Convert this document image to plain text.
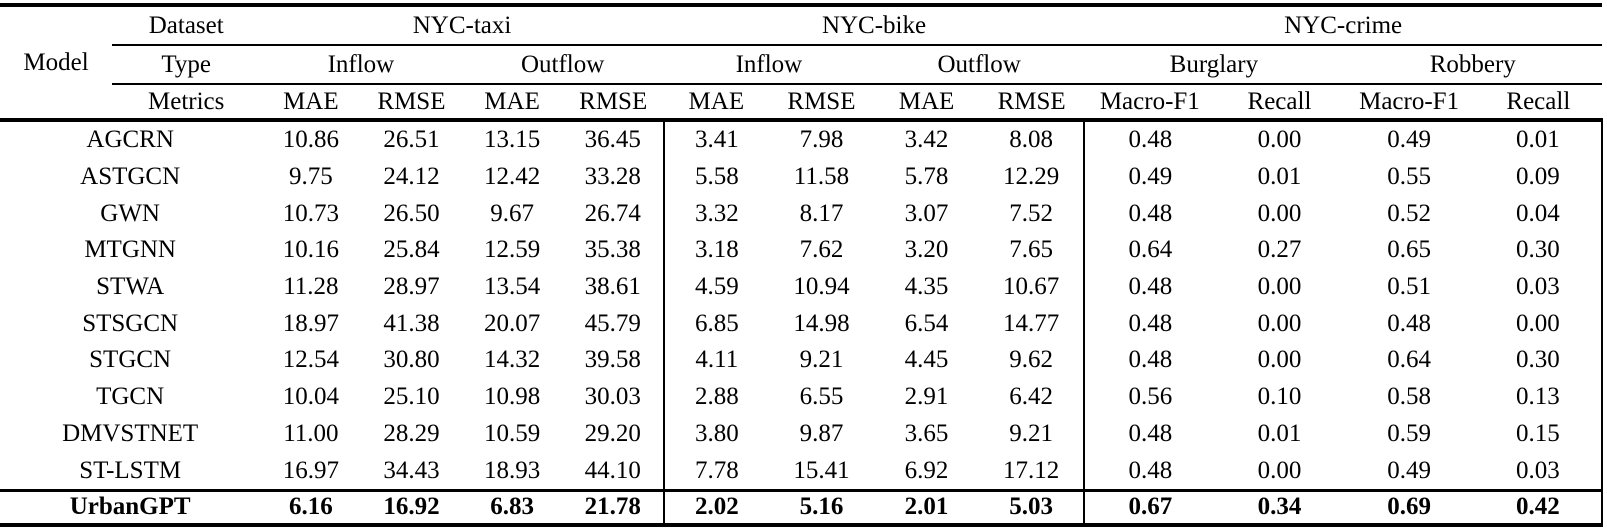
Model	Dataset	NYC-taxi				NYC-bike				NYC-crime			
	Type	Inflow		Outflow		Inflow		Outflow		Burglary		Robbery	
	Metrics	MAE	RMSE	MAE	RMSE	MAE	RMSE	MAE	RMSE	Macro-F1	Recall	Macro-F1	Recall
AGCRN		10.86	26.51	13.15	36.45	3.41	7.98	3.42	8.08	0.48	0.00	0.49	0.01
ASTGCN		9.75	24.12	12.42	33.28	5.58	11.58	5.78	12.29	0.49	0.01	0.55	0.09
GWN		10.73	26.50	9.67	26.74	3.32	8.17	3.07	7.52	0.48	0.00	0.52	0.04
MTGNN		10.16	25.84	12.59	35.38	3.18	7.62	3.20	7.65	0.64	0.27	0.65	0.30
STWA		11.28	28.97	13.54	38.61	4.59	10.94	4.35	10.67	0.48	0.00	0.51	0.03
STSGCN		18.97	41.38	20.07	45.79	6.85	14.98	6.54	14.77	0.48	0.00	0.48	0.00
STGCN		12.54	30.80	14.32	39.58	4.11	9.21	4.45	9.62	0.48	0.00	0.64	0.30
TGCN		10.04	25.10	10.98	30.03	2.88	6.55	2.91	6.42	0.56	0.10	0.58	0.13
DMVSTNET		11.00	28.29	10.59	29.20	3.80	9.87	3.65	9.21	0.48	0.01	0.59	0.15
ST-LSTM		16.97	34.43	18.93	44.10	7.78	15.41	6.92	17.12	0.48	0.00	0.49	0.03
UrbanGPT		6.16	16.92	6.83	21.78	2.02	5.16	2.01	5.03	0.67	0.34	0.69	0.42
